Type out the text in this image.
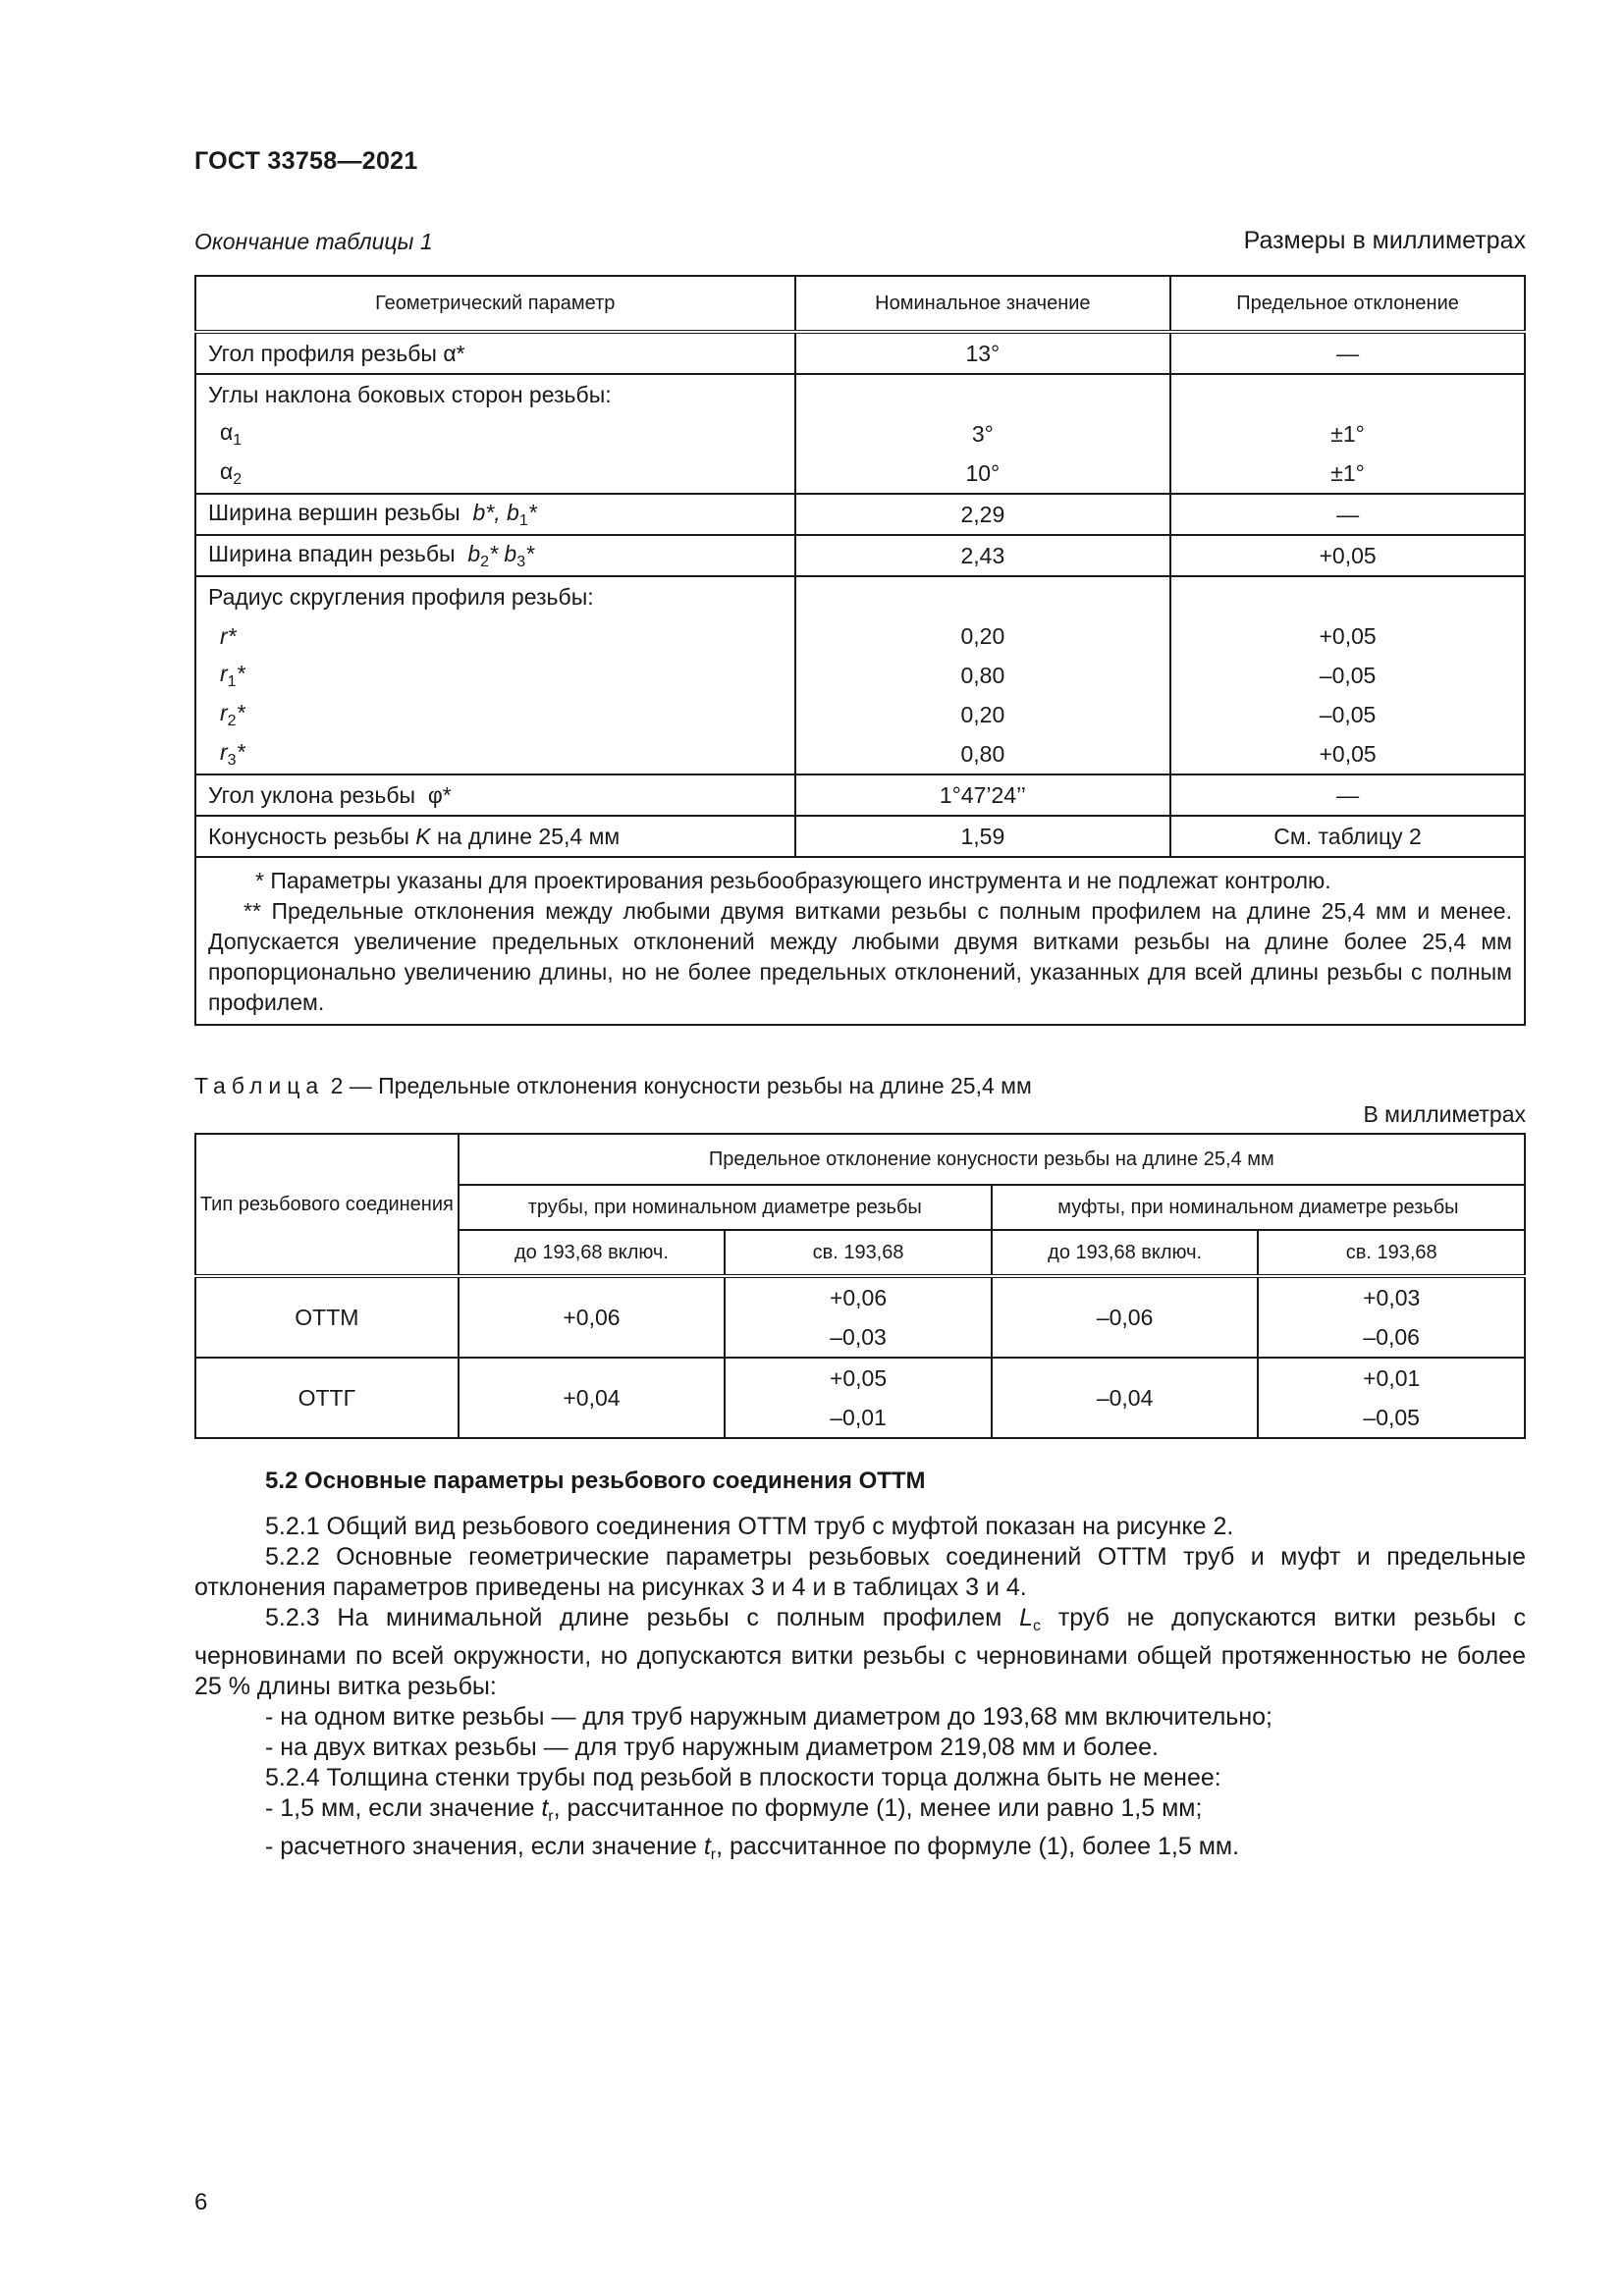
ГОСТ 33758—2021
Окончание таблицы 1	Размеры в миллиметрах
Геометрический параметр	Номинальное значение	Предельное отклонение
Угол профиля резьбы α*	13°	—
Углы наклона боковых сторон резьбы:		
$\alpha_1$	3°	±1°
$\alpha_2$	10°	±1°
Ширина вершин резьбы b*, $b_1*$	2,29	—
Ширина впадин резьбы $b_2*$ $b_3*$	2,43	+0,05
Радиус скругления профиля резьбы:		
r*	0,20	+0,05
$r_1*$	0,80	–0,05
$r_2*$	0,20	–0,05
$r_3*$	0,80	+0,05
Угол уклона резьбы φ*	1°47’24’’	—
Конусность резьбы K на длине 25,4 мм	1,59	См. таблицу 2

* Параметры указаны для проектирования резьбообразующего инструмента и не подлежат контролю.

** Предельные отклонения между любыми двумя витками резьбы с полным профилем на длине 25,4 мм и менее. Допускается увеличение предельных отклонений между любыми двумя витками резьбы на длине более 25,4 мм пропорционально увеличению длины, но не более предельных отклонений, указанных для всей длины резьбы с полным профилем.		

Таблица 2 — Предельные отклонения конусности резьбы на длине 25,4 мм
В миллиметрах
Тип резьбового соединения	Предельное отклонение конусности резьбы на длине 25,4 мм			
	трубы, при номинальном диаметре резьбы		муфты, при номинальном диаметре резьбы	
	до 193,68 включ.	св. 193,68	до 193,68 включ.	св. 193,68
ОТТМ	+0,06	+0,06	–0,06	+0,03
		–0,03		–0,06
ОТТГ	+0,04	+0,05	–0,04	+0,01
		–0,01		–0,05
5.2 Основные параметры резьбового соединения ОТТМ

5.2.1 Общий вид резьбового соединения ОТТМ труб с муфтой показан на рисунке 2.

5.2.2 Основные геометрические параметры резьбовых соединений ОТТМ труб и муфт и предельные отклонения параметров приведены на рисунках 3 и 4 и в таблицах 3 и 4.

5.2.3 На минимальной длине резьбы с полным профилем $L_c$ труб не допускаются витки резьбы с черновинами по всей окружности, но допускаются витки резьбы с черновинами общей протяженностью не более 25 % длины витка резьбы:

- на одном витке резьбы — для труб наружным диаметром до 193,68 мм включительно;

- на двух витках резьбы — для труб наружным диаметром 219,08 мм и более.

5.2.4 Толщина стенки трубы под резьбой в плоскости торца должна быть не менее:

- 1,5 мм, если значение $t_r$, рассчитанное по формуле (1), менее или равно 1,5 мм;

- расчетного значения, если значение $t_r$, рассчитанное по формуле (1), более 1,5 мм.

6
